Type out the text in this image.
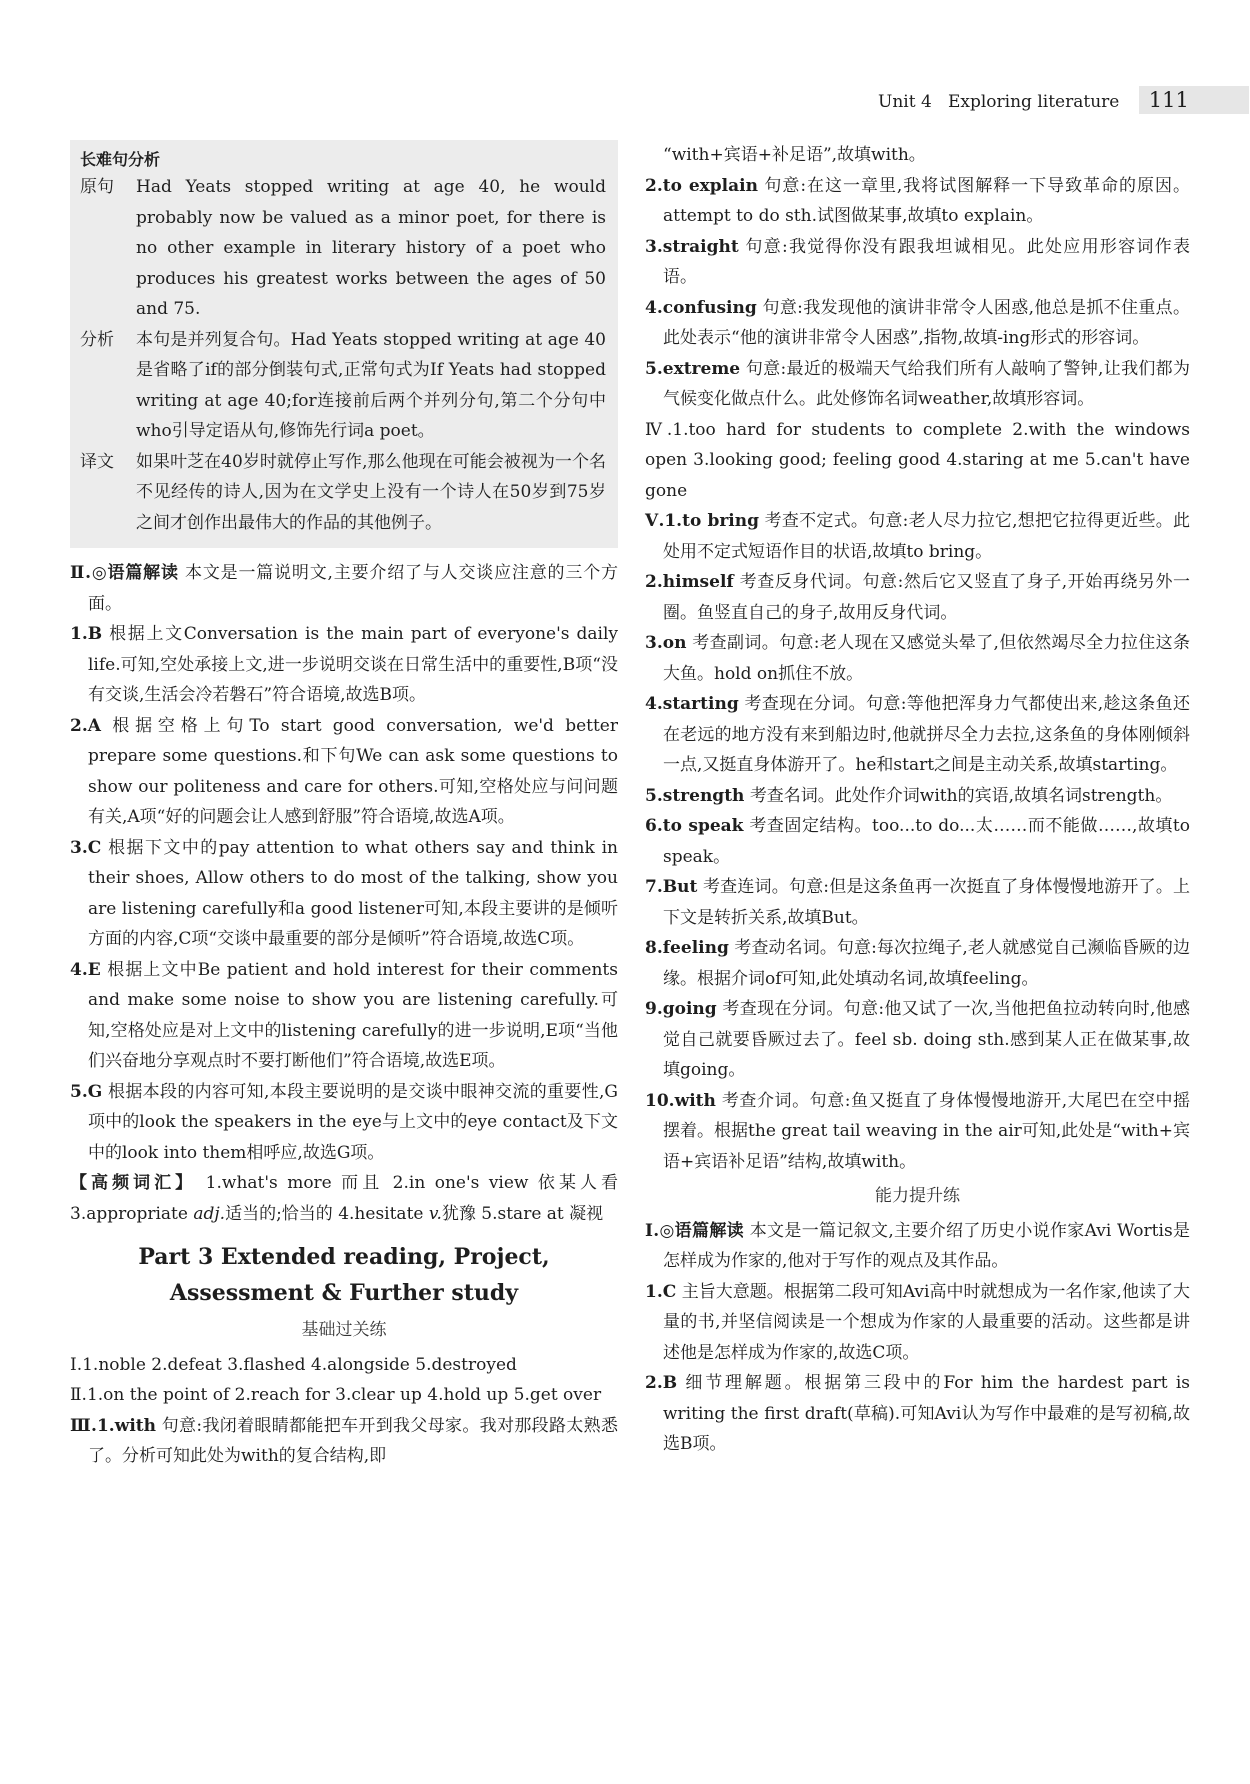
Unit 4 Exploring literature 111
长难句分析
原句	Had Yeats stopped writing at age 40, he would probably now be valued as a minor poet, for there is no other example in literary history of a poet who produces his greatest works between the ages of 50 and 75.
分析	本句是并列复合句。Had Yeats stopped writing at age 40是省略了if的部分倒装句式,正常句式为If Yeats had stopped writing at age 40;for连接前后两个并列分句,第二个分句中who引导定语从句,修饰先行词a poet。
译文	如果叶芝在40岁时就停止写作,那么他现在可能会被视为一个名不见经传的诗人,因为在文学史上没有一个诗人在50岁到75岁之间才创作出最伟大的作品的其他例子。

Ⅱ.◎语篇解读 本文是一篇说明文,主要介绍了与人交谈应注意的三个方面。

1.B 根据上文Conversation is the main part of everyone's daily life.可知,空处承接上文,进一步说明交谈在日常生活中的重要性,B项“没有交谈,生活会冷若磐石”符合语境,故选B项。

2.A 根据空格上句To start good conversation, we'd better prepare some questions.和下句We can ask some questions to show our politeness and care for others.可知,空格处应与问问题有关,A项“好的问题会让人感到舒服”符合语境,故选A项。

3.C 根据下文中的pay attention to what others say and think in their shoes, Allow others to do most of the talking, show you are listening carefully和a good listener可知,本段主要讲的是倾听方面的内容,C项“交谈中最重要的部分是倾听”符合语境,故选C项。

4.E 根据上文中Be patient and hold interest for their comments and make some noise to show you are listening carefully.可知,空格处应是对上文中的listening carefully的进一步说明,E项“当他们兴奋地分享观点时不要打断他们”符合语境,故选E项。

5.G 根据本段的内容可知,本段主要说明的是交谈中眼神交流的重要性,G项中的look the speakers in the eye与上文中的eye contact及下文中的look into them相呼应,故选G项。

【高频词汇】 1.what's more 而且 2.in one's view 依某人看 3.appropriate adj.适当的;恰当的 4.hesitate v.犹豫 5.stare at 凝视

Part 3 Extended reading, Project,
Assessment & Further study
基础过关练

Ⅰ.1.noble 2.defeat 3.flashed 4.alongside 5.destroyed

Ⅱ.1.on the point of 2.reach for 3.clear up 4.hold up 5.get over

Ⅲ.1.with 句意:我闭着眼睛都能把车开到我父母家。我对那段路太熟悉了。分析可知此处为with的复合结构,即

“with+宾语+补足语”,故填with。

2.to explain 句意:在这一章里,我将试图解释一下导致革命的原因。attempt to do sth.试图做某事,故填to explain。

3.straight 句意:我觉得你没有跟我坦诚相见。此处应用形容词作表语。

4.confusing 句意:我发现他的演讲非常令人困惑,他总是抓不住重点。此处表示“他的演讲非常令人困惑”,指物,故填-ing形式的形容词。

5.extreme 句意:最近的极端天气给我们所有人敲响了警钟,让我们都为气候变化做点什么。此处修饰名词weather,故填形容词。

Ⅳ.1.too hard for students to complete 2.with the windows open 3.looking good; feeling good 4.staring at me 5.can't have gone

Ⅴ.1.to bring 考查不定式。句意:老人尽力拉它,想把它拉得更近些。此处用不定式短语作目的状语,故填to bring。

2.himself 考查反身代词。句意:然后它又竖直了身子,开始再绕另外一圈。鱼竖直自己的身子,故用反身代词。

3.on 考查副词。句意:老人现在又感觉头晕了,但依然竭尽全力拉住这条大鱼。hold on抓住不放。

4.starting 考查现在分词。句意:等他把浑身力气都使出来,趁这条鱼还在老远的地方没有来到船边时,他就拼尽全力去拉,这条鱼的身体刚倾斜一点,又挺直身体游开了。he和start之间是主动关系,故填starting。

5.strength 考查名词。此处作介词with的宾语,故填名词strength。

6.to speak 考查固定结构。too...to do...太……而不能做……,故填to speak。

7.But 考查连词。句意:但是这条鱼再一次挺直了身体慢慢地游开了。上下文是转折关系,故填But。

8.feeling 考查动名词。句意:每次拉绳子,老人就感觉自己濒临昏厥的边缘。根据介词of可知,此处填动名词,故填feeling。

9.going 考查现在分词。句意:他又试了一次,当他把鱼拉动转向时,他感觉自己就要昏厥过去了。feel sb. doing sth.感到某人正在做某事,故填going。

10.with 考查介词。句意:鱼又挺直了身体慢慢地游开,大尾巴在空中摇摆着。根据the great tail weaving in the air可知,此处是“with+宾语+宾语补足语”结构,故填with。

能力提升练

Ⅰ.◎语篇解读 本文是一篇记叙文,主要介绍了历史小说作家Avi Wortis是怎样成为作家的,他对于写作的观点及其作品。

1.C 主旨大意题。根据第二段可知Avi高中时就想成为一名作家,他读了大量的书,并坚信阅读是一个想成为作家的人最重要的活动。这些都是讲述他是怎样成为作家的,故选C项。

2.B 细节理解题。根据第三段中的For him the hardest part is writing the first draft(草稿).可知Avi认为写作中最难的是写初稿,故选B项。
